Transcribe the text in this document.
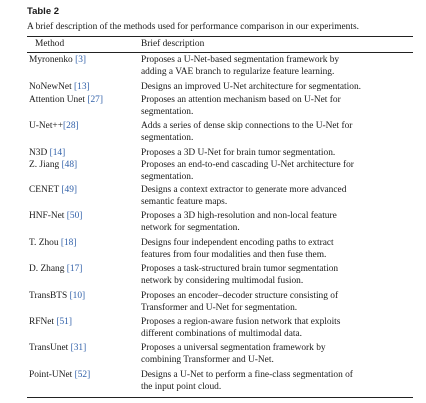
Table 2
A brief description of the methods used for performance comparison in our experiments.
Method	Brief description
Myronenko [3]	Proposes a U-Net-based segmentation framework by
adding a VAE branch to regularize feature learning.
NoNewNet [13]	Designs an improved U-Net architecture for segmentation.
Attention Unet [27]	Proposes an attention mechanism based on U-Net for
segmentation.
U-Net++[28]	Adds a series of dense skip connections to the U-Net for
segmentation.
N3D [14]	Proposes a 3D U-Net for brain tumor segmentation.
Z. Jiang [48]	Proposes an end-to-end cascading U-Net architecture for
segmentation.
CENET [49]	Designs a context extractor to generate more advanced
semantic feature maps.
HNF-Net [50]	Proposes a 3D high-resolution and non-local feature
network for segmentation.
T. Zhou [18]	Designs four independent encoding paths to extract
features from four modalities and then fuse them.
D. Zhang [17]	Proposes a task-structured brain tumor segmentation
network by considering multimodal fusion.
TransBTS [10]	Proposes an encoder–decoder structure consisting of
Transformer and U-Net for segmentation.
RFNet [51]	Proposes a region-aware fusion network that exploits
different combinations of multimodal data.
TransUnet [31]	Proposes a universal segmentation framework by
combining Transformer and U-Net.
Point-UNet [52]	Designs a U-Net to perform a fine-class segmentation of
the input point cloud.
